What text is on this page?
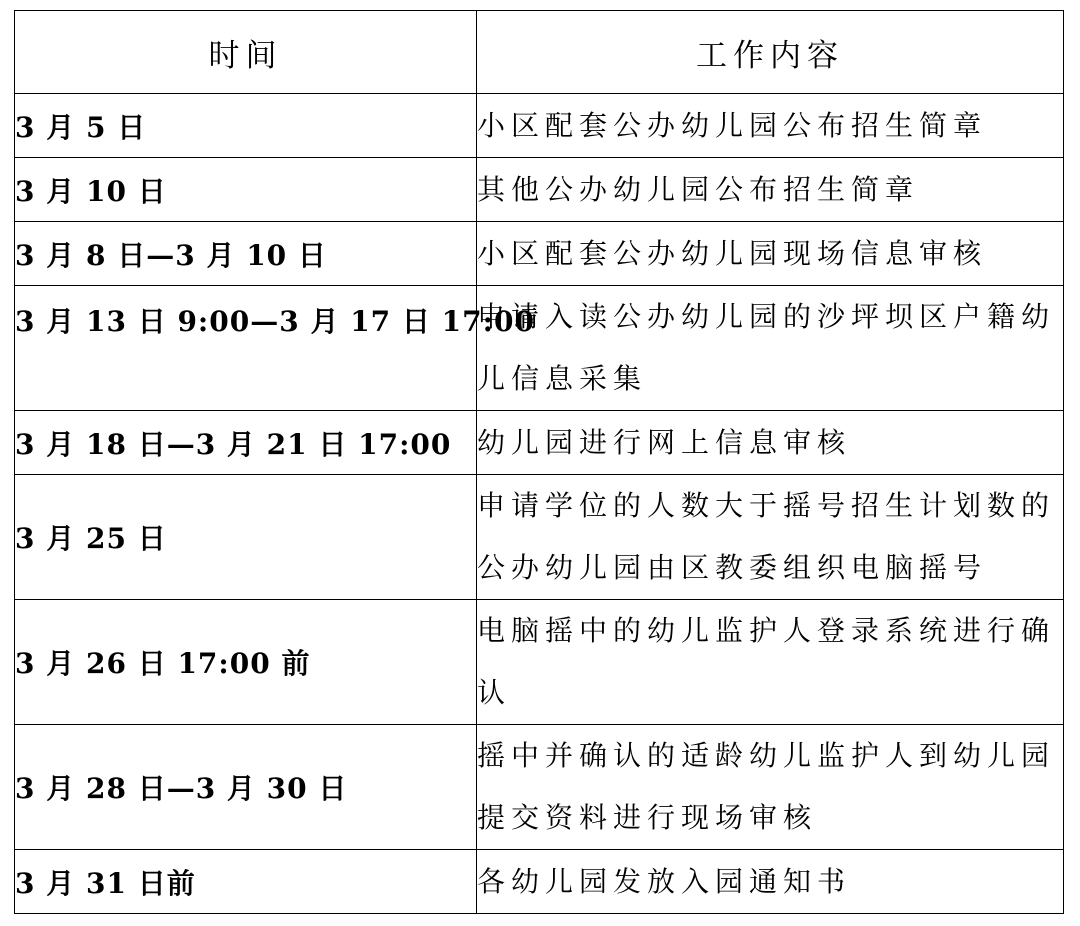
时间	工作内容
3 月 5 日	小区配套公办幼儿园公布招生简章
3 月 10 日	其他公办幼儿园公布招生简章
3 月 8 日—3 月 10 日	小区配套公办幼儿园现场信息审核
3 月 13 日 9:00—3 月 17 日 17:00	申请入读公办幼儿园的沙坪坝区户籍幼儿信息采集
3 月 18 日—3 月 21 日 17:00	幼儿园进行网上信息审核
3 月 25 日	申请学位的人数大于摇号招生计划数的公办幼儿园由区教委组织电脑摇号
3 月 26 日 17:00 前	电脑摇中的幼儿监护人登录系统进行确认
3 月 28 日—3 月 30 日	摇中并确认的适龄幼儿监护人到幼儿园提交资料进行现场审核
3 月 31 日前	各幼儿园发放入园通知书
